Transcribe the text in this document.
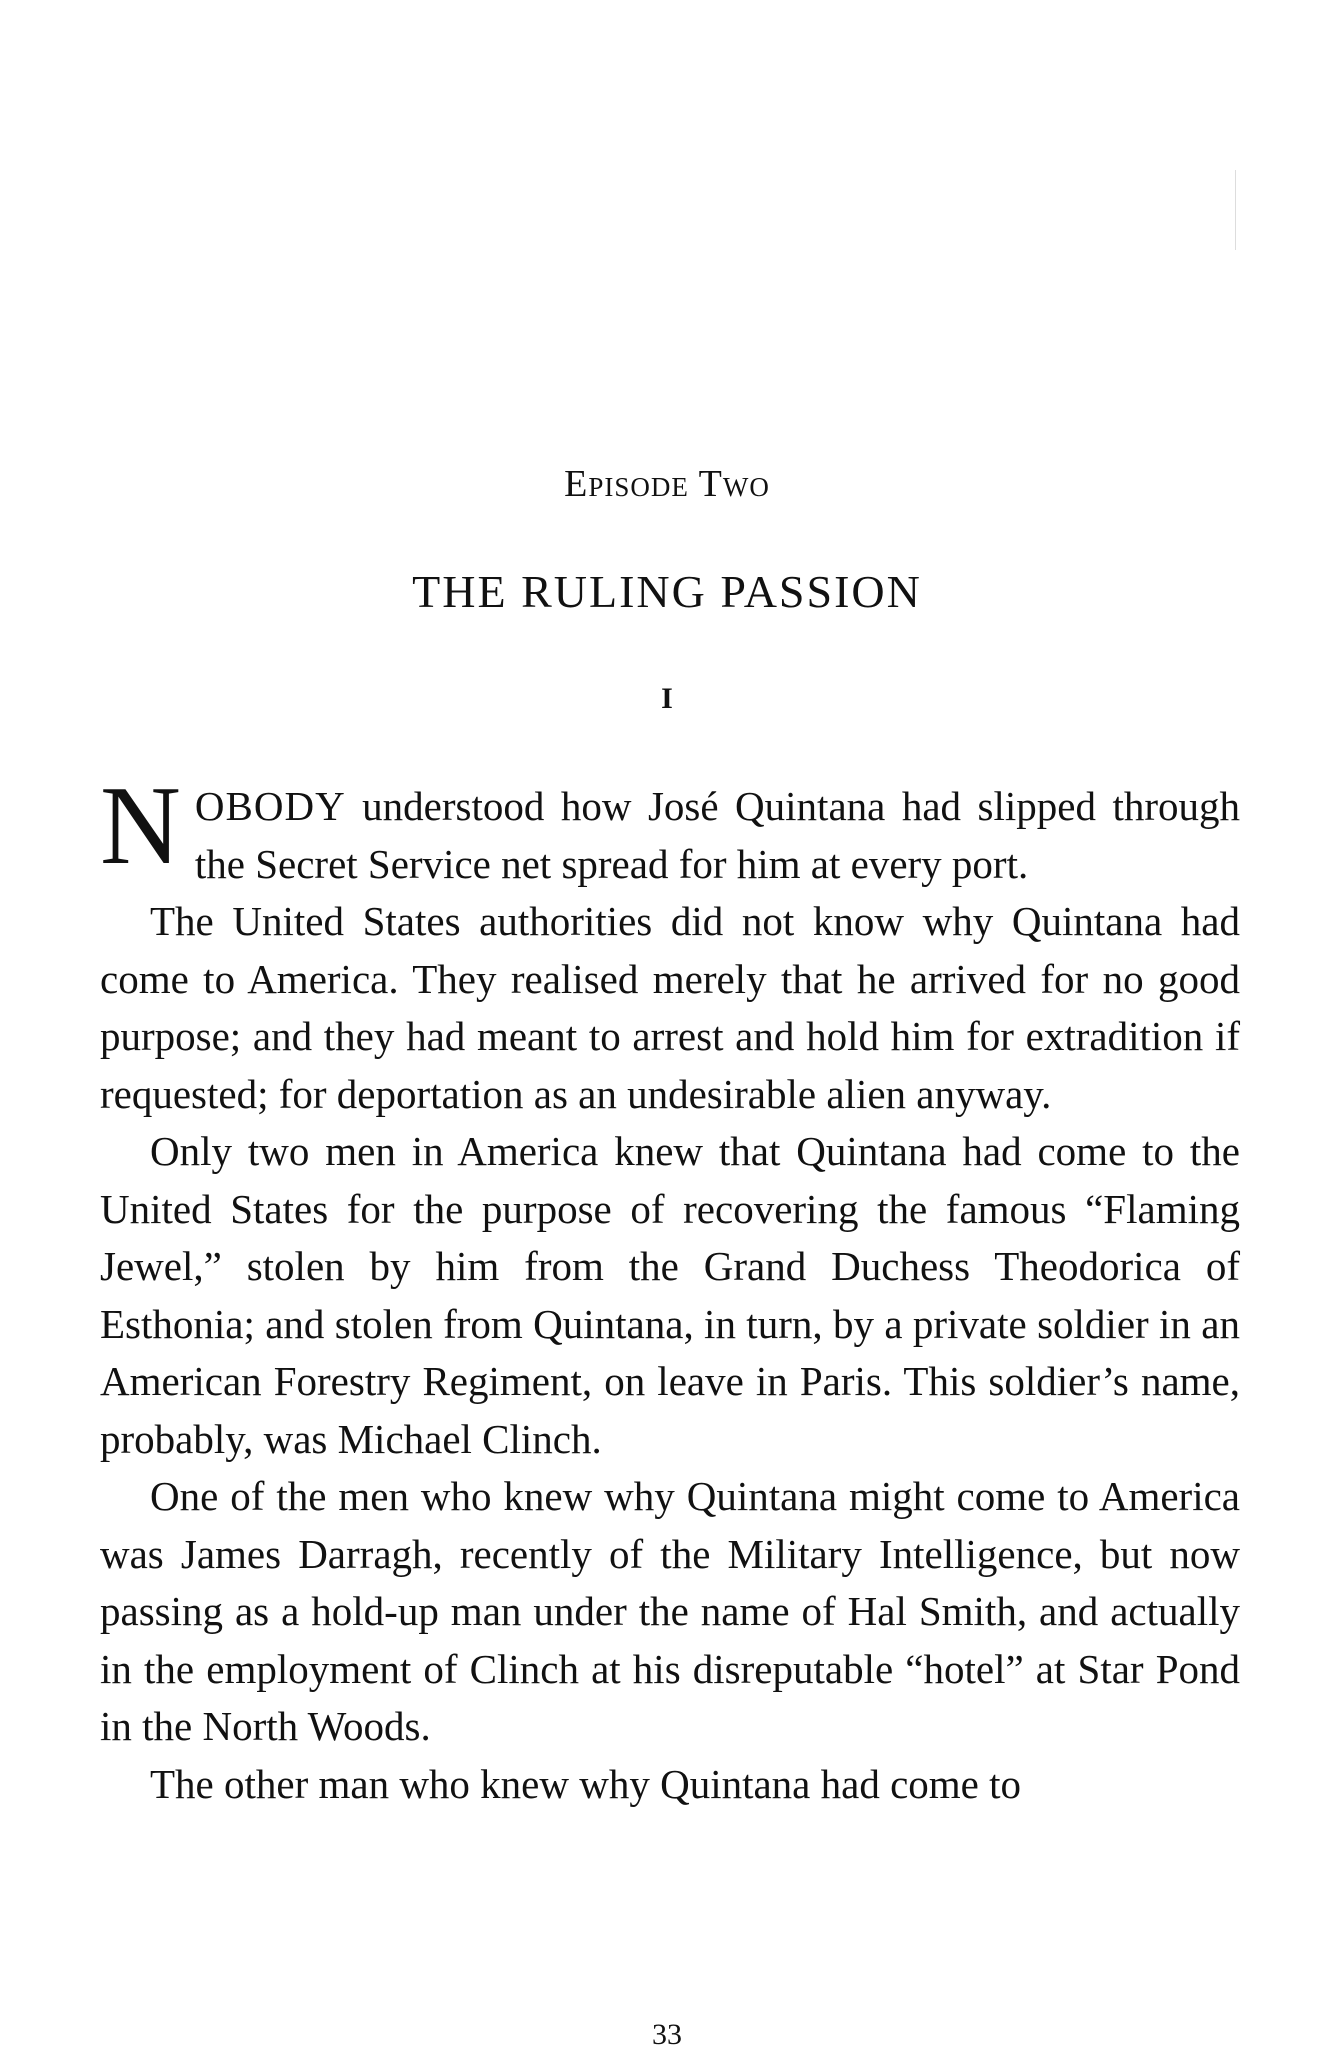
Episode Two
THE RULING PASSION
I

NOBODY understood how José Quintana had slipped through the Secret Service net spread for him at every port.

The United States authorities did not know why Quintana had come to America. They realised merely that he arrived for no good purpose; and they had meant to arrest and hold him for extradition if requested; for deportation as an undesirable alien anyway.

Only two men in America knew that Quintana had come to the United States for the purpose of recovering the famous “Flaming Jewel,” stolen by him from the Grand Duchess Theodorica of Esthonia; and stolen from Quintana, in turn, by a private soldier in an American Forestry Regiment, on leave in Paris. This soldier’s name, probably, was Michael Clinch.

One of the men who knew why Quintana might come to America was James Darragh, recently of the Military Intelligence, but now passing as a hold-up man under the name of Hal Smith, and actually in the employment of Clinch at his disreputable “hotel” at Star Pond in the North Woods.

The other man who knew why Quintana had come to

33
